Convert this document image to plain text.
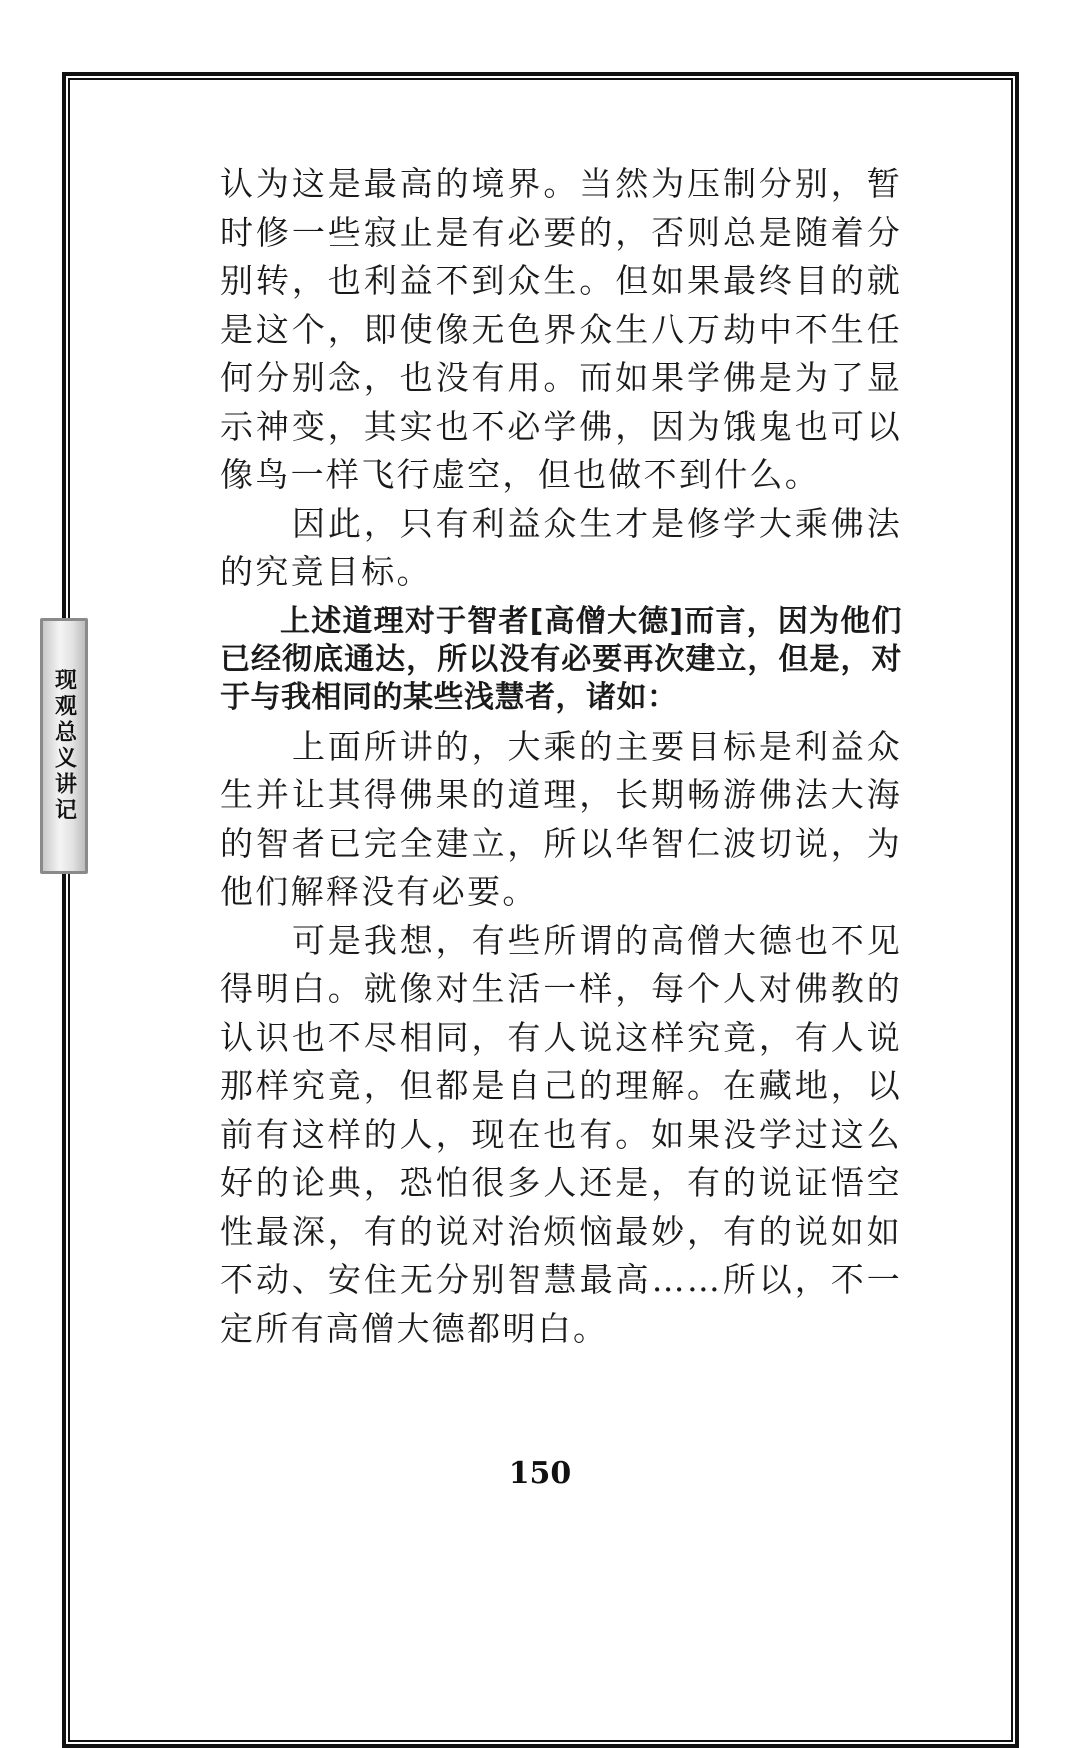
现观总义讲记

认为这是最高的境界。当然为压制分别，暂时修一些寂止是有必要的，否则总是随着分别转，也利益不到众生。但如果最终目的就是这个，即使像无色界众生八万劫中不生任何分别念，也没有用。而如果学佛是为了显示神变，其实也不必学佛，因为饿鬼也可以像鸟一样飞行虚空，但也做不到什么。

因此，只有利益众生才是修学大乘佛法的究竟目标。

上述道理对于智者[高僧大德]而言，因为他们已经彻底通达，所以没有必要再次建立，但是，对于与我相同的某些浅慧者，诸如：

上面所讲的，大乘的主要目标是利益众生并让其得佛果的道理，长期畅游佛法大海的智者已完全建立，所以华智仁波切说，为他们解释没有必要。

可是我想，有些所谓的高僧大德也不见得明白。就像对生活一样，每个人对佛教的认识也不尽相同，有人说这样究竟，有人说那样究竟，但都是自己的理解。在藏地，以前有这样的人，现在也有。如果没学过这么好的论典，恐怕很多人还是，有的说证悟空性最深，有的说对治烦恼最妙，有的说如如不动、安住无分别智慧最高……所以，不一定所有高僧大德都明白。

150
